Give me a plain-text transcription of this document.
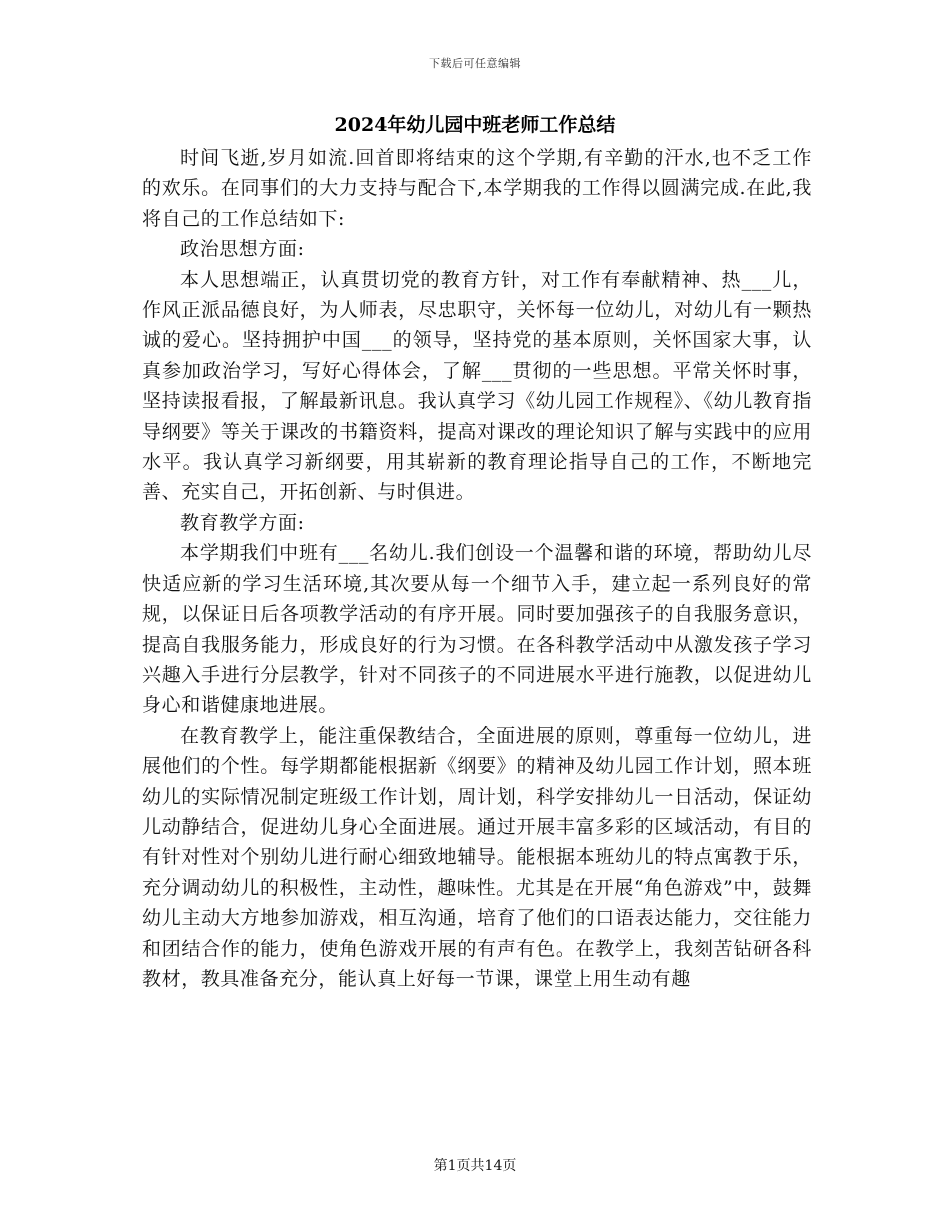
下载后可任意编辑
2024年幼儿园中班老师工作总结

时间飞逝,岁月如流.回首即将结束的这个学期,有辛勤的汗水,也不乏工作的欢乐。在同事们的大力支持与配合下,本学期我的工作得以圆满完成.在此,我将自己的工作总结如下:

政治思想方面:

本人思想端正，认真贯切党的教育方针，对工作有奉献精神、热___儿，作风正派品德良好，为人师表，尽忠职守，关怀每一位幼儿，对幼儿有一颗热诚的爱心。坚持拥护中国___的领导，坚持党的基本原则，关怀国家大事，认真参加政治学习，写好心得体会，了解___贯彻的一些思想。平常关怀时事，坚持读报看报，了解最新讯息。我认真学习《幼儿园工作规程》、《幼儿教育指导纲要》等关于课改的书籍资料，提高对课改的理论知识了解与实践中的应用水平。我认真学习新纲要，用其崭新的教育理论指导自己的工作，不断地完善、充实自己，开拓创新、与时俱进。

教育教学方面:

本学期我们中班有___名幼儿.我们创设一个温馨和谐的环境，帮助幼儿尽快适应新的学习生活环境,其次要从每一个细节入手，建立起一系列良好的常规，以保证日后各项教学活动的有序开展。同时要加强孩子的自我服务意识，提高自我服务能力，形成良好的行为习惯。在各科教学活动中从激发孩子学习兴趣入手进行分层教学，针对不同孩子的不同进展水平进行施教，以促进幼儿身心和谐健康地进展。

在教育教学上，能注重保教结合，全面进展的原则，尊重每一位幼儿，进展他们的个性。每学期都能根据新《纲要》的精神及幼儿园工作计划，照本班幼儿的实际情况制定班级工作计划，周计划，科学安排幼儿一日活动，保证幼儿动静结合，促进幼儿身心全面进展。通过开展丰富多彩的区域活动，有目的有针对性对个别幼儿进行耐心细致地辅导。能根据本班幼儿的特点寓教于乐，充分调动幼儿的积极性，主动性，趣味性。尤其是在开展“角色游戏”中，鼓舞幼儿主动大方地参加游戏，相互沟通，培育了他们的口语表达能力，交往能力和团结合作的能力，使角色游戏开展的有声有色。在教学上，我刻苦钻研各科教材，教具准备充分，能认真上好每一节课，课堂上用生动有趣

第1页共14页
